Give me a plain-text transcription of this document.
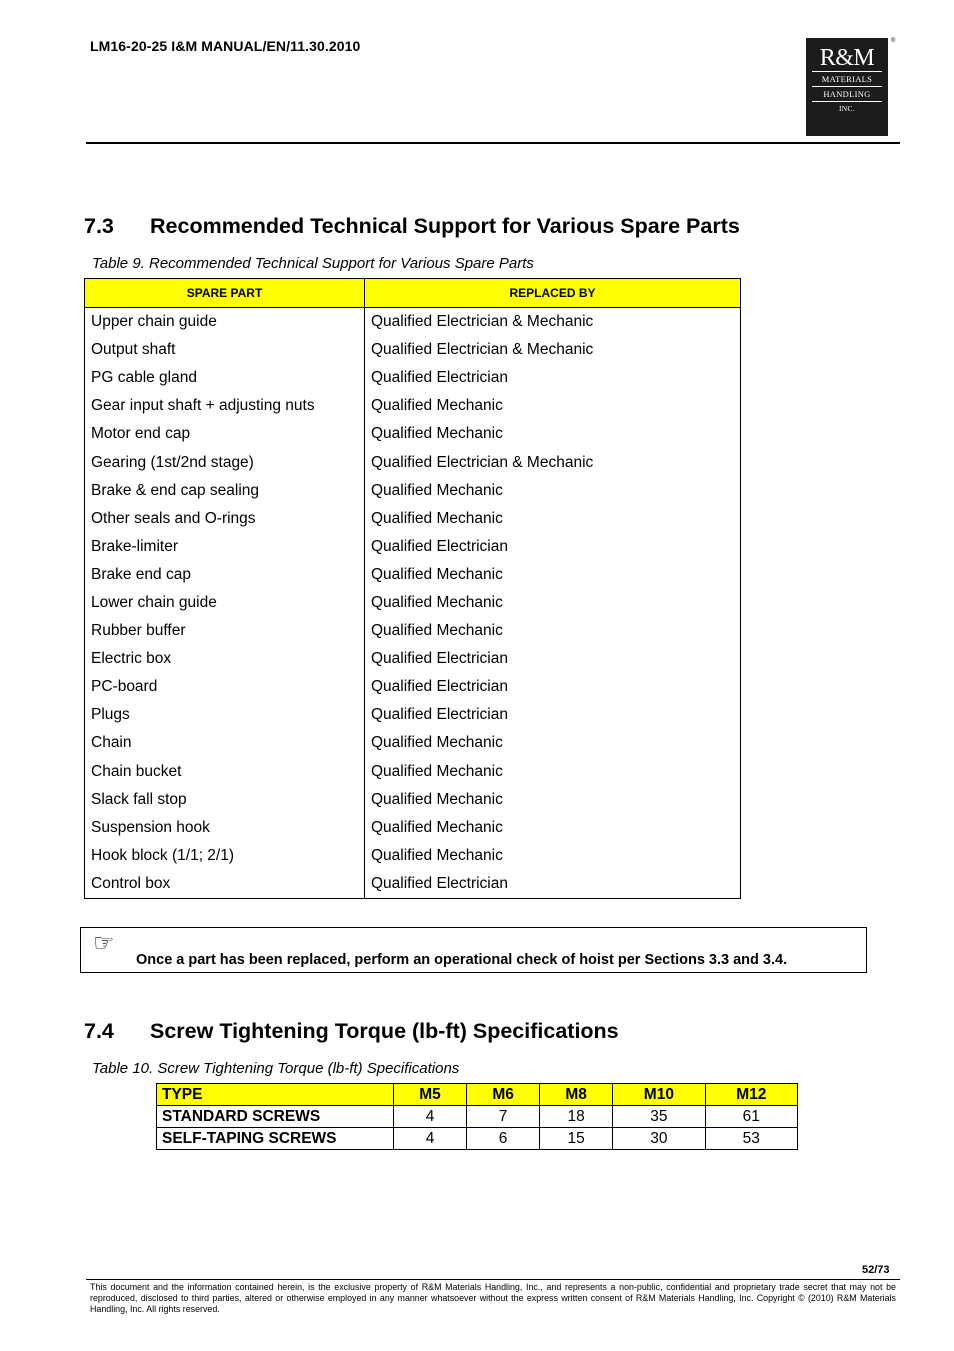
LM16-20-25 I&M MANUAL/EN/11.30.2010	R&M
MATERIALS
HANDLING
INC.
®
7.3 Recommended Technical Support for Various Spare Parts
Table 9. Recommended Technical Support for Various Spare Parts
SPARE PART	REPLACED BY
Upper chain guide	Qualified Electrician & Mechanic
Output shaft	Qualified Electrician & Mechanic
PG cable gland	Qualified Electrician
Gear input shaft + adjusting nuts	Qualified Mechanic
Motor end cap	Qualified Mechanic
Gearing (1st/2nd stage)	Qualified Electrician & Mechanic
Brake & end cap sealing	Qualified Mechanic
Other seals and O-rings	Qualified Mechanic
Brake-limiter	Qualified Electrician
Brake end cap	Qualified Mechanic
Lower chain guide	Qualified Mechanic
Rubber buffer	Qualified Mechanic
Electric box	Qualified Electrician
PC-board	Qualified Electrician
Plugs	Qualified Electrician
Chain	Qualified Mechanic
Chain bucket	Qualified Mechanic
Slack fall stop	Qualified Mechanic
Suspension hook	Qualified Mechanic
Hook block (1/1; 2/1)	Qualified Mechanic
Control box	Qualified Electrician
☞
Once a part has been replaced, perform an operational check of hoist per Sections 3.3 and 3.4.
7.4 Screw Tightening Torque (lb-ft) Specifications
Table 10. Screw Tightening Torque (lb-ft) Specifications
TYPE	M5	M6	M8	M10	M12
STANDARD SCREWS	4	7	18	35	61
SELF-TAPING SCREWS	4	6	15	30	53
52/73
This document and the information contained herein, is the exclusive property of R&M Materials Handling, Inc., and represents a non-public, confidential and proprietary trade secret that may not be reproduced, disclosed to third parties, altered or otherwise employed in any manner whatsoever without the express written consent of R&M Materials Handling, Inc. Copyright © (2010) R&M Materials Handling, Inc. All rights reserved.
